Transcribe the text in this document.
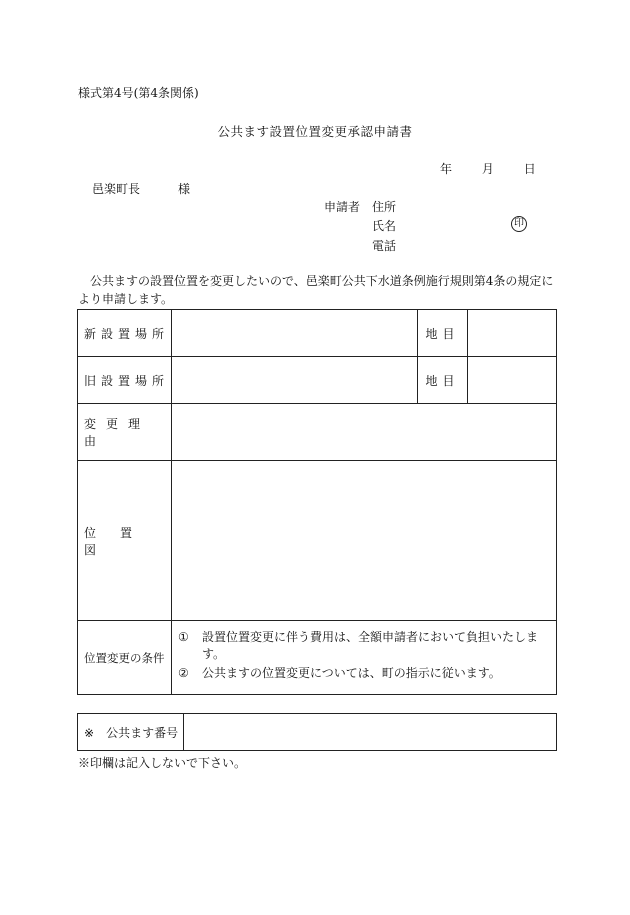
様式第4号(第4条関係)
公共ます設置位置変更承認申請書
年 月 日
邑楽町長	様
申請者 住所
氏名	印
電話
公共ますの設置位置を変更したいので、邑楽町公共下水道条例施行規則第4条の規定により申請します。
新設置場所		地目	
旧設置場所		地目	
変更理由			
位置図			
位置変更の条件	① 設置位置変更に伴う費用は、全額申請者において負担いたします。
② 公共ますの位置変更については、町の指示に従います。		
※ 公共ます番号	
※印欄は記入しないで下さい。
